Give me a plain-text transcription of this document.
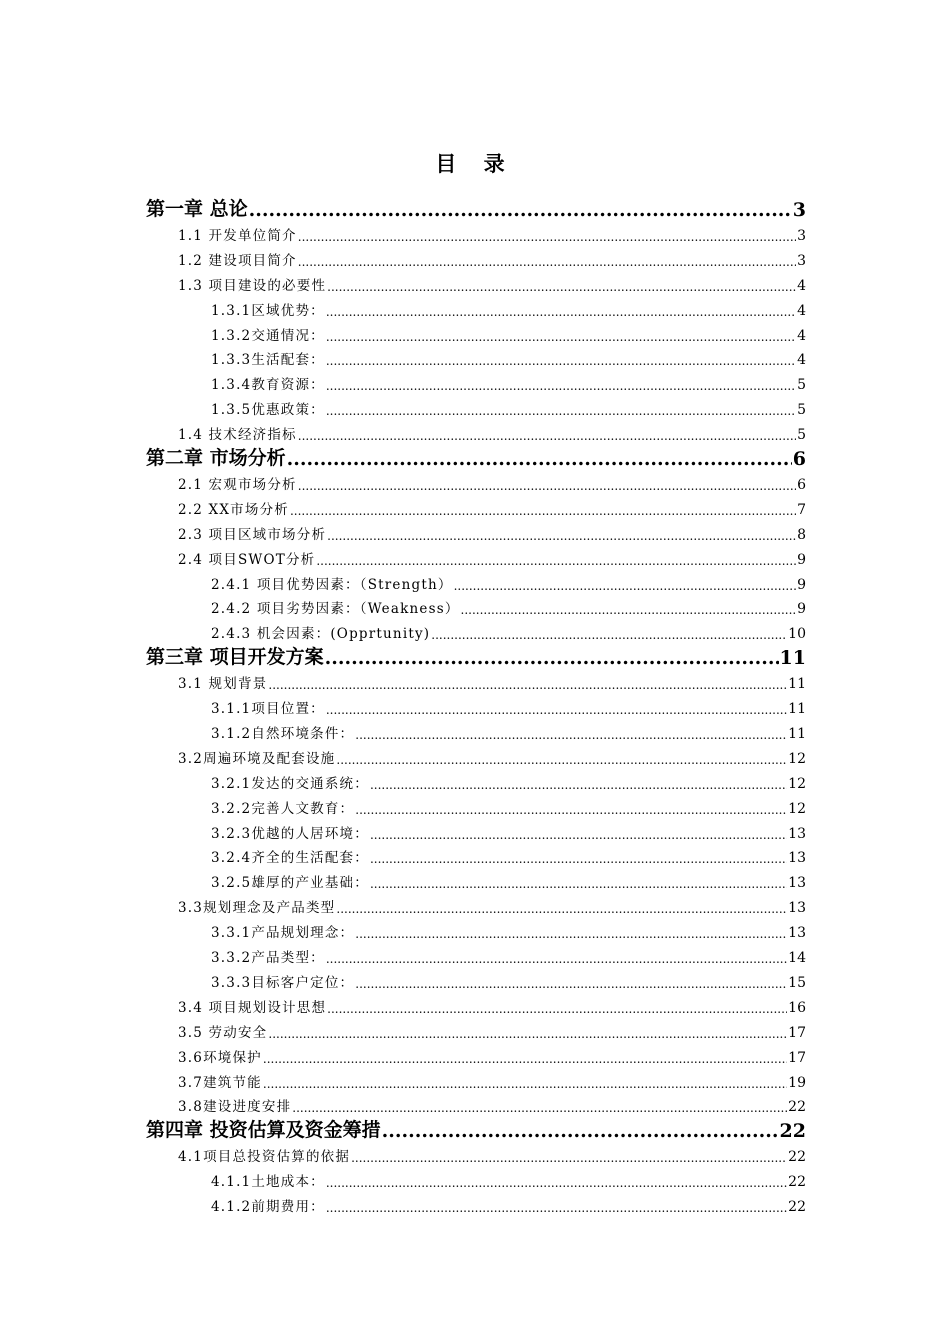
目 录
第一章 总论 .....	3
1.1 开发单位简介 .....	3
1.2 建设项目简介 .....	3
1.3 项目建设的必要性 .....	4
1.3.1区域优势： .....	4
1.3.2交通情况： .....	4
1.3.3生活配套： .....	4
1.3.4教育资源： .....	5
1.3.5优惠政策： .....	5
1.4 技术经济指标 .....	5
第二章 市场分析 .....	6
2.1 宏观市场分析 .....	6
2.2 XX市场分析 .....	7
2.3 项目区域市场分析 .....	8
2.4 项目SWOT分析 .....	9
2.4.1 项目优势因素：（Strength） .....	9
2.4.2 项目劣势因素：（Weakness） .....	9
2.4.3 机会因素：(Opprtunity) .....	10
第三章 项目开发方案 .....	11
3.1 规划背景 .....	11
3.1.1项目位置： .....	11
3.1.2自然环境条件： .....	11
3.2周遍环境及配套设施 .....	12
3.2.1发达的交通系统： .....	12
3.2.2完善人文教育： .....	12
3.2.3优越的人居环境： .....	13
3.2.4齐全的生活配套： .....	13
3.2.5雄厚的产业基础： .....	13
3.3规划理念及产品类型 .....	13
3.3.1产品规划理念： .....	13
3.3.2产品类型： .....	14
3.3.3目标客户定位： .....	15
3.4 项目规划设计思想 .....	16
3.5 劳动安全 .....	17
3.6环境保护 .....	17
3.7建筑节能 .....	19
3.8建设进度安排 .....	22
第四章 投资估算及资金筹措 .....	22
4.1项目总投资估算的依据 .....	22
4.1.1土地成本： .....	22
4.1.2前期费用： .....	22
